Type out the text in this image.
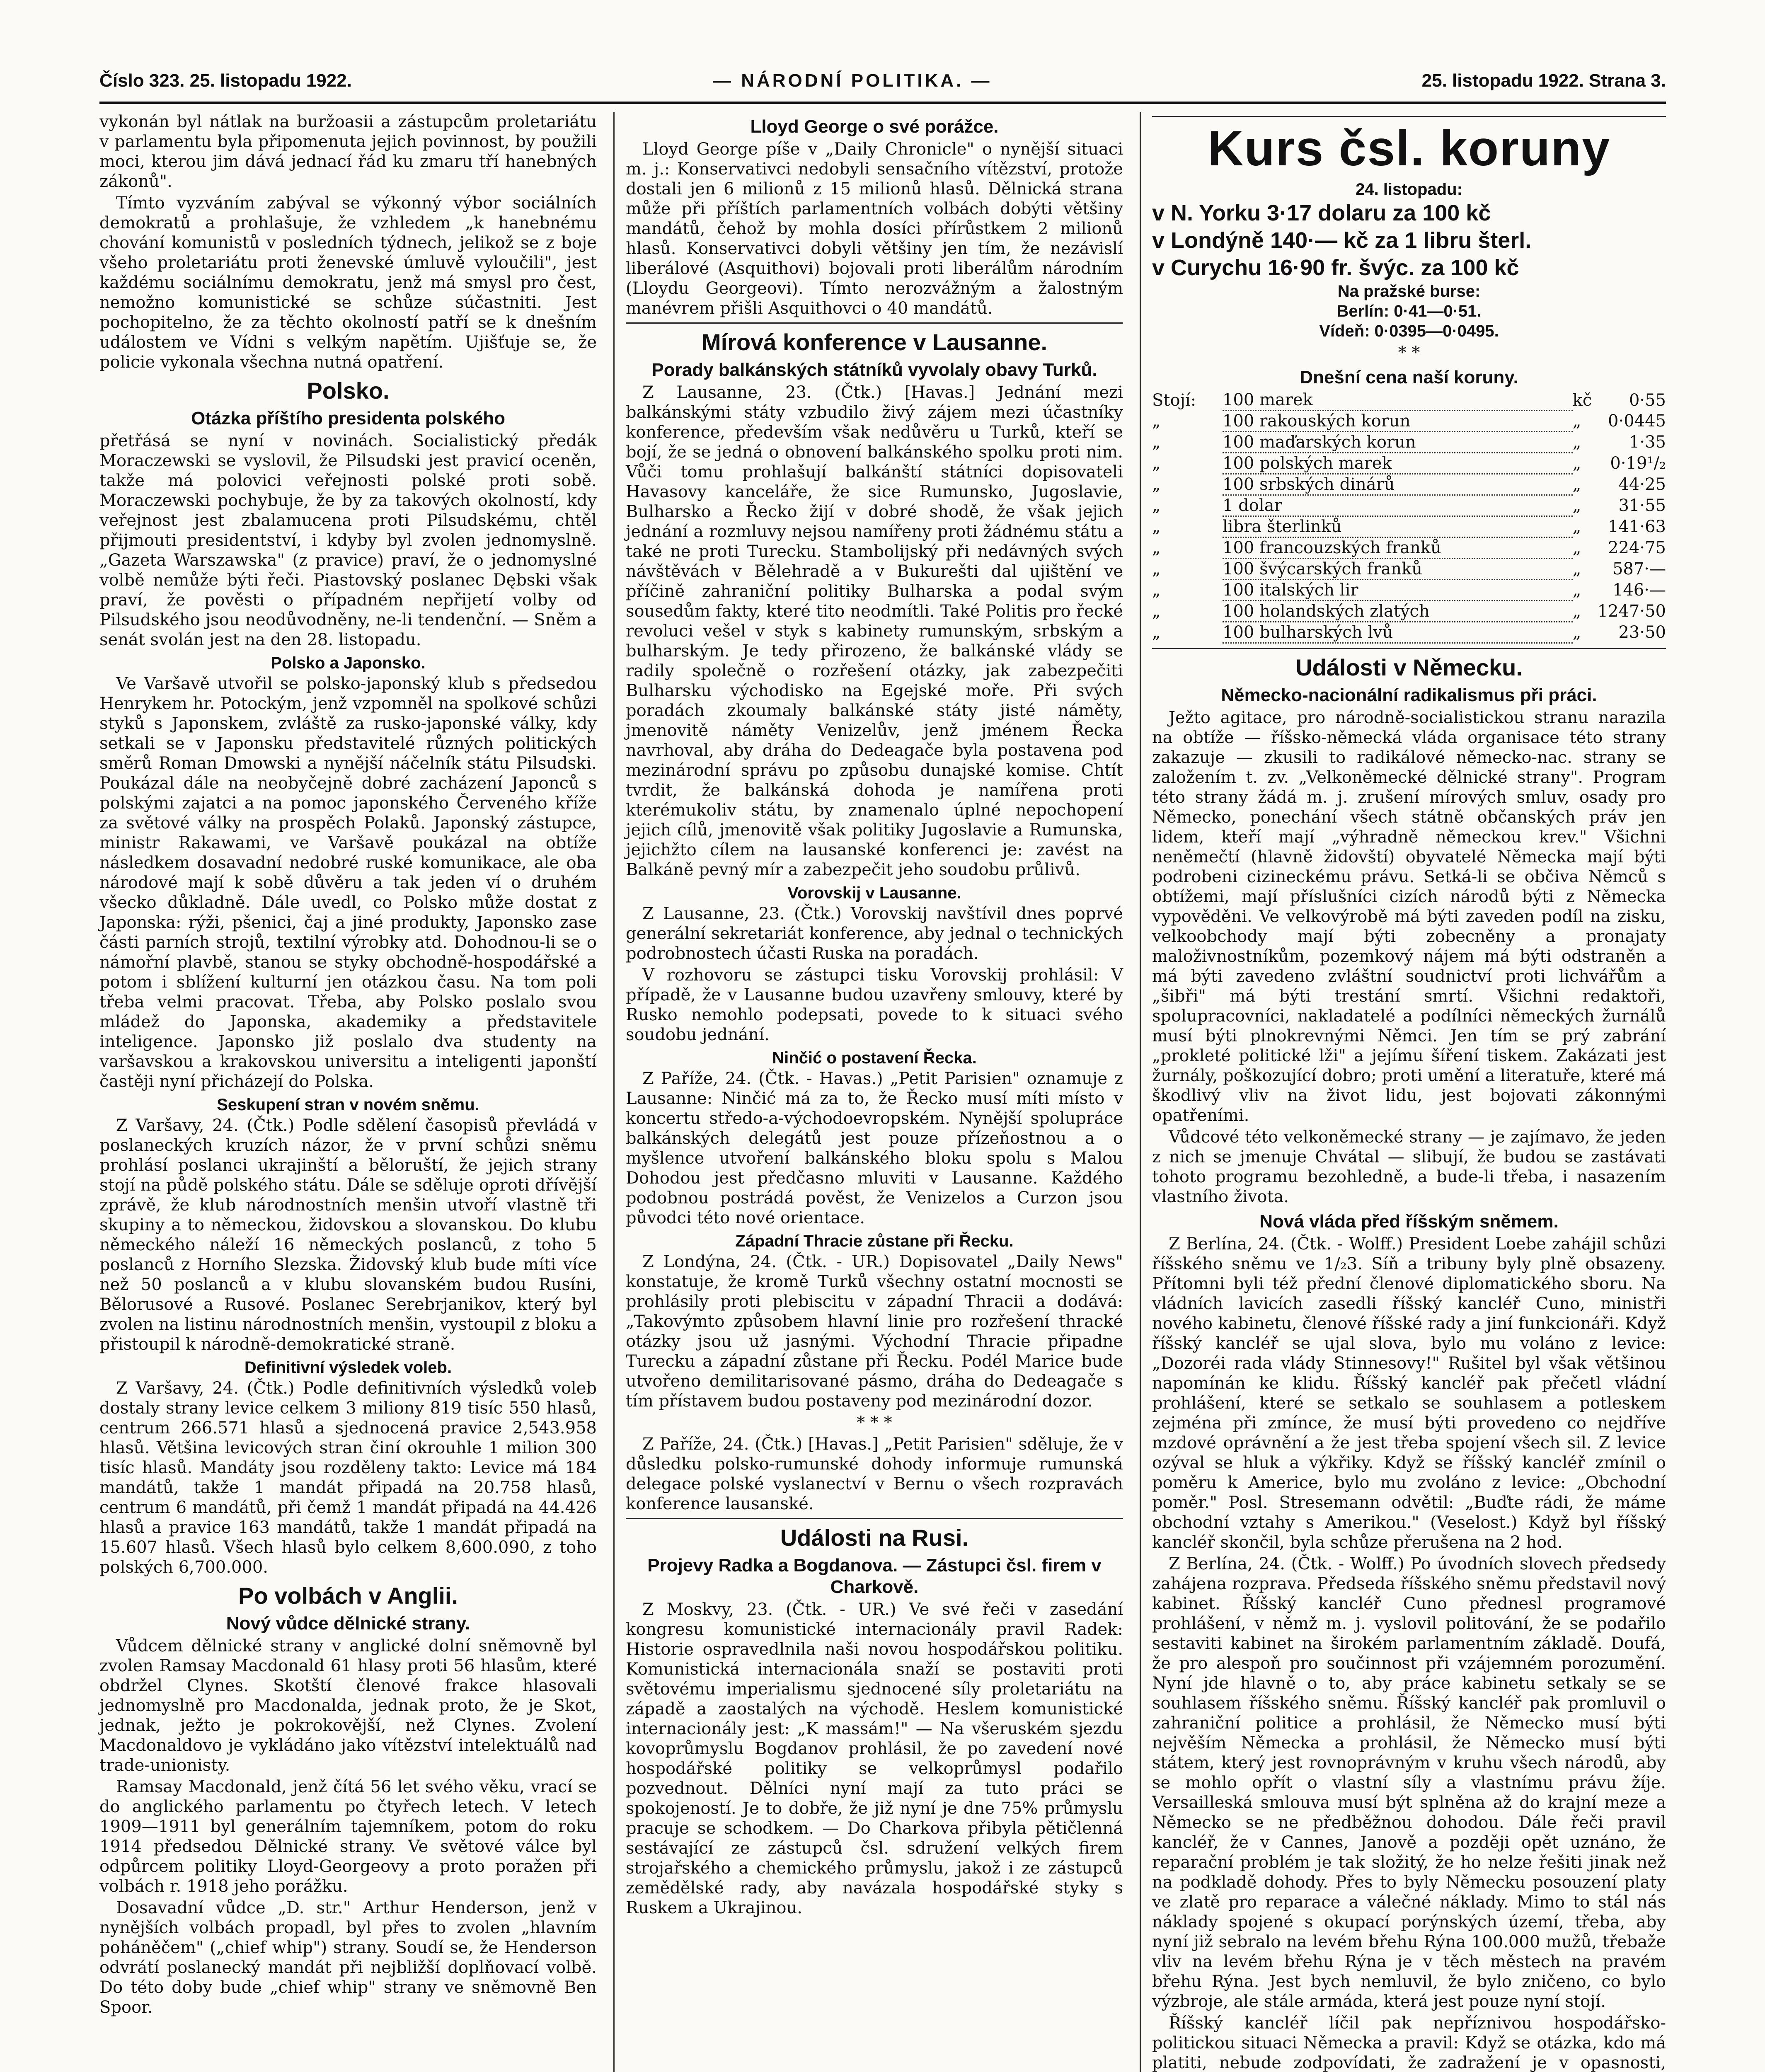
Číslo 323. 25. listopadu 1922.	— NÁRODNÍ POLITIKA. —	25. listopadu 1922. Strana 3.

vykonán byl nátlak na buržoasii a zástupcům proletariátu v parlamentu byla připomenuta jejich povinnost, by použili moci, kterou jim dává jednací řád ku zmaru tří hanebných zákonů".

Tímto vyzváním zabýval se výkonný výbor sociálních demokratů a prohlašuje, že vzhledem „k hanebnému chování komunistů v posledních týdnech, jelikož se z boje všeho proletariátu proti ženevské úmluvě vyloučili", jest každému sociálnímu demokratu, jenž má smysl pro čest, nemožno komunistické se schůze súčastniti. Jest pochopitelno, že za těchto okolností patří se k dnešním událostem ve Vídni s velkým napětím. Ujišťuje se, že policie vykonala všechna nutná opatření.

Polsko.
Otázka příštího presidenta polského

přetřásá se nyní v novinách. Socialistický předák Moraczewski se vyslovil, že Pilsudski jest pravicí oceněn, takže má polovici veřejnosti polské proti sobě. Moraczewski pochybuje, že by za takových okolností, kdy veřejnost jest zbalamucena proti Pilsudskému, chtěl přijmouti presidentství, i kdyby byl zvolen jednomyslně. „Gazeta Warszawska" (z pravice) praví, že o jednomyslné volbě nemůže býti řeči. Piastovský poslanec Dębski však praví, že pověsti o případném nepřijetí volby od Pilsudského jsou neodůvodněny, ne-li tendenční. — Sněm a senát svolán jest na den 28. listopadu.

Polsko a Japonsko.

Ve Varšavě utvořil se polsko-japonský klub s předsedou Henrykem hr. Potockým, jenž vzpomněl na spolkové schůzi styků s Japonskem, zvláště za rusko-japonské války, kdy setkali se v Japonsku představitelé různých politických směrů Roman Dmowski a nynější náčelník státu Pilsudski. Poukázal dále na neobyčejně dobré zacházení Japonců s polskými zajatci a na pomoc japonského Červeného kříže za světové války na prospěch Polaků. Japonský zástupce, ministr Rakawami, ve Varšavě poukázal na obtíže následkem dosavadní nedobré ruské komunikace, ale oba národové mají k sobě důvěru a tak jeden ví o druhém všecko důkladně. Dále uvedl, co Polsko může dostat z Japonska: rýži, pšenici, čaj a jiné produkty, Japonsko zase části parních strojů, textilní výrobky atd. Dohodnou-li se o námořní plavbě, stanou se styky obchodně-hospodářské a potom i sblížení kulturní jen otázkou času. Na tom poli třeba velmi pracovat. Třeba, aby Polsko poslalo svou mládež do Japonska, akademiky a představitele inteligence. Japonsko již poslalo dva studenty na varšavskou a krakovskou universitu a inteligenti japonští častěji nyní přicházejí do Polska.

Seskupení stran v novém sněmu.

Z Varšavy, 24. (Čtk.) Podle sdělení časopisů převládá v poslaneckých kruzích názor, že v první schůzi sněmu prohlásí poslanci ukrajinští a běloruští, že jejich strany stojí na půdě polského státu. Dále se sděluje oproti dřívější zprávě, že klub národnostních menšin utvoří vlastně tři skupiny a to německou, židovskou a slovanskou. Do klubu německého náleží 16 německých poslanců, z toho 5 poslanců z Horního Slezska. Židovský klub bude míti více než 50 poslanců a v klubu slovanském budou Rusíni, Bělorusové a Rusové. Poslanec Serebrjanikov, který byl zvolen na listinu národnostních menšin, vystoupil z bloku a přistoupil k národně-demokratické straně.

Definitivní výsledek voleb.

Z Varšavy, 24. (Čtk.) Podle definitivních výsledků voleb dostaly strany levice celkem 3 miliony 819 tisíc 550 hlasů, centrum 266.571 hlasů a sjednocená pravice 2,543.958 hlasů. Většina levicových stran činí okrouhle 1 milion 300 tisíc hlasů. Mandáty jsou rozděleny takto: Levice má 184 mandátů, takže 1 mandát připadá na 20.758 hlasů, centrum 6 mandátů, při čemž 1 mandát připadá na 44.426 hlasů a pravice 163 mandátů, takže 1 mandát připadá na 15.607 hlasů. Všech hlasů bylo celkem 8,600.090, z toho polských 6,700.000.

Po volbách v Anglii.
Nový vůdce dělnické strany.

Vůdcem dělnické strany v anglické dolní sněmovně byl zvolen Ramsay Macdonald 61 hlasy proti 56 hlasům, které obdržel Clynes. Skotští členové frakce hlasovali jednomyslně pro Macdonalda, jednak proto, že je Skot, jednak, ježto je pokrokovější, než Clynes. Zvolení Macdonaldovo je vykládáno jako vítězství intelektuálů nad trade-unionisty.

Ramsay Macdonald, jenž čítá 56 let svého věku, vrací se do anglického parlamentu po čtyřech letech. V letech 1909—1911 byl generálním tajemníkem, potom do roku 1914 předsedou Dělnické strany. Ve světové válce byl odpůrcem politiky Lloyd-Georgeovy a proto poražen při volbách r. 1918 jeho porážku.

Dosavadní vůdce „D. str." Arthur Henderson, jenž v nynějších volbách propadl, byl přes to zvolen „hlavním poháněčem" („chief whip") strany. Soudí se, že Henderson odvrátí poslanecký mandát při nejbližší doplňovací volbě. Do této doby bude „chief whip" strany ve sněmovně Ben Spoor.

Lloyd George o své porážce.

Lloyd George píše v „Daily Chronicle" o nynější situaci m. j.: Konservativci nedobyli sensačního vítězství, protože dostali jen 6 milionů z 15 milionů hlasů. Dělnická strana může při příštích parlamentních volbách dobýti většiny mandátů, čehož by mohla dosíci přírůstkem 2 milionů hlasů. Konservativci dobyli většiny jen tím, že nezávislí liberálové (Asquithovi) bojovali proti liberálům národním (Lloydu Georgeovi). Tímto nerozvážným a žalostným manévrem přišli Asquithovci o 40 mandátů.

Mírová konference v Lausanne.
Porady balkánských státníků vyvolaly obavy Turků.

Z Lausanne, 23. (Čtk.) [Havas.] Jednání mezi balkánskými státy vzbudilo živý zájem mezi účastníky konference, především však nedůvěru u Turků, kteří se bojí, že se jedná o obnovení balkánského spolku proti nim. Vůči tomu prohlašují balkánští státníci dopisovateli Havasovy kanceláře, že sice Rumunsko, Jugoslavie, Bulharsko a Řecko žijí v dobré shodě, že však jejich jednání a rozmluvy nejsou namířeny proti žádnému státu a také ne proti Turecku. Stambolijský při nedávných svých návštěvách v Bělehradě a v Bukurešti dal ujištění ve příčině zahraniční politiky Bulharska a podal svým sousedům fakty, které tito neodmítli. Také Politis pro řecké revoluci vešel v styk s kabinety rumunským, srbským a bulharským. Je tedy přirozeno, že balkánské vlády se radily společně o rozřešení otázky, jak zabezpečiti Bulharsku východisko na Egejské moře. Při svých poradách zkoumaly balkánské státy jisté náměty, jmenovitě náměty Venizelův, jenž jménem Řecka navrhoval, aby dráha do Dedeagače byla postavena pod mezinárodní správu po způsobu dunajské komise. Chtít tvrdit, že balkánská dohoda je namířena proti kterémukoliv státu, by znamenalo úplné nepochopení jejich cílů, jmenovitě však politiky Jugoslavie a Rumunska, jejichžto cílem na lausanské konferenci je: zavést na Balkáně pevný mír a zabezpečit jeho soudobu průlivů.

Vorovskij v Lausanne.

Z Lausanne, 23. (Čtk.) Vorovskij navštívil dnes poprvé generální sekretariát konference, aby jednal o technických podrobnostech účasti Ruska na poradách.

V rozhovoru se zástupci tisku Vorovskij prohlásil: V případě, že v Lausanne budou uzavřeny smlouvy, které by Rusko nemohlo podepsati, povede to k situaci svého soudobu jednání.

Ninčić o postavení Řecka.

Z Paříže, 24. (Čtk. - Havas.) „Petit Parisien" oznamuje z Lausanne: Ninčić má za to, že Řecko musí míti místo v koncertu středo-a-východoevropském. Nynější spolupráce balkánských delegátů jest pouze přízeňostnou a o myšlence utvoření balkánského bloku spolu s Malou Dohodou jest předčasno mluviti v Lausanne. Každého podobnou postrádá pověst, že Venizelos a Curzon jsou původci této nové orientace.

Západní Thracie zůstane při Řecku.

Z Londýna, 24. (Čtk. - UR.) Dopisovatel „Daily News" konstatuje, že kromě Turků všechny ostatní mocnosti se prohlásily proti plebiscitu v západní Thracii a dodává: „Takovýmto způsobem hlavní linie pro rozřešení thracké otázky jsou už jasnými. Východní Thracie připadne Turecku a západní zůstane při Řecku. Podél Marice bude utvořeno demilitarisované pásmo, dráha do Dedeagače s tím přístavem budou postaveny pod mezinárodní dozor.

* * *

Z Paříže, 24. (Čtk.) [Havas.] „Petit Parisien" sděluje, že v důsledku polsko-rumunské dohody informuje rumunská delegace polské vyslanectví v Bernu o všech rozpravách konference lausanské.

Události na Rusi.
Projevy Radka a Bogdanova. — Zástupci čsl. firem v Charkově.

Z Moskvy, 23. (Čtk. - UR.) Ve své řeči v zasedání kongresu komunistické internacionály pravil Radek: Historie ospravedlnila naši novou hospodářskou politiku. Komunistická internacionála snaží se postaviti proti světovému imperialismu sjednocené síly proletariátu na západě a zaostalých na východě. Heslem komunistické internacionály jest: „K massám!" — Na všeruském sjezdu kovoprůmyslu Bogdanov prohlásil, že po zavedení nové hospodářské politiky se velkoprůmysl podařilo pozvednout. Dělníci nyní mají za tuto práci se spokojeností. Je to dobře, že již nyní je dne 75% průmyslu pracuje se schodkem. — Do Charkova přibyla pětičlenná sestávající ze zástupců čsl. sdružení velkých firem strojařského a chemického průmyslu, jakož i ze zástupců zemědělské rady, aby navázala hospodářské styky s Ruskem a Ukrajinou.

Kurs čsl. koruny
24. listopadu:
v N. Yorku 3·17 dolaru za 100 kč
v Londýně 140·— kč za 1 libru šterl.
v Curychu 16·90 fr. švýc. za 100 kč
Na pražské burse:
Berlín: 0·41—0·51.
Vídeň: 0·0395—0·0495.
* *
Dnešní cena naší koruny.
Stojí:	100 marek	kč	0·55
„	100 rakouských korun	„	0·0445
„	100 maďarských korun	„	1·35
„	100 polských marek	„	0·19¹/₂
„	100 srbských dinárů	„	44·25
„	1 dolar	„	31·55
„	libra šterlinků	„	141·63
„	100 francouzských franků	„	224·75
„	100 švýcarských franků	„	587·—
„	100 italských lir	„	146·—
„	100 holandských zlatých	„	1247·50
„	100 bulharských lvů	„	23·50
Události v Německu.
Německo-nacionální radikalismus při práci.

Ježto agitace, pro národně-socialistickou stranu narazila na obtíže — říšsko-německá vláda organisace této strany zakazuje — zkusili to radikálové německo-nac. strany se založením t. zv. „Velkoněmecké dělnické strany". Program této strany žádá m. j. zrušení mírových smluv, osady pro Německo, ponechání všech státně občanských práv jen lidem, kteří mají „výhradně německou krev." Všichni neněmečtí (hlavně židovští) obyvatelé Německa mají býti podrobeni cizineckému právu. Setká-li se občiva Němců s obtížemi, mají příslušníci cizích národů býti z Německa vypověděni. Ve velkovýrobě má býti zaveden podíl na zisku, velkoobchody mají býti zobecněny a pronajaty maloživnostníkům, pozemkový nájem má býti odstraněn a má býti zavedeno zvláštní soudnictví proti lichvářům a „šibři" má býti trestání smrtí. Všichni redaktoři, spolupracovníci, nakladatelé a podílníci německých žurnálů musí býti plnokrevnými Němci. Jen tím se prý zabrání „prokleté politické lži" a jejímu šíření tiskem. Zakázati jest žurnály, poškozující dobro; proti umění a literatuře, které má škodlivý vliv na život lidu, jest bojovati zákonnými opatřeními.

Vůdcové této velkoněmecké strany — je zajímavo, že jeden z nich se jmenuje Chvátal — slibují, že budou se zastávati tohoto programu bezohledně, a bude-li třeba, i nasazením vlastního života.

Nová vláda před říšským sněmem.

Z Berlína, 24. (Čtk. - Wolff.) President Loebe zahájil schůzi říšského sněmu ve 1/₂3. Síň a tribuny byly plně obsazeny. Přítomni byli též přední členové diplomatického sboru. Na vládních lavicích zasedli říšský kancléř Cuno, ministři nového kabinetu, členové říšské rady a jiní funkcionáři. Když říšský kancléř se ujal slova, bylo mu voláno z levice: „Dozoréi rada vlády Stinnesovy!" Rušitel byl však většinou napomínán ke klidu. Říšský kancléř pak přečetl vládní prohlášení, které se setkalo se souhlasem a potleskem zejména při zmínce, že musí býti provedeno co nejdříve mzdové oprávnění a že jest třeba spojení všech sil. Z levice ozýval se hluk a výkřiky. Když se říšský kancléř zmínil o poměru k Americe, bylo mu zvoláno z levice: „Obchodní poměr." Posl. Stresemann odvětil: „Buďte rádi, že máme obchodní vztahy s Amerikou." (Veselost.) Když byl říšský kancléř skončil, byla schůze přerušena na 2 hod.

Z Berlína, 24. (Čtk. - Wolff.) Po úvodních slovech předsedy zahájena rozprava. Předseda říšského sněmu představil nový kabinet. Říšský kancléř Cuno přednesl programové prohlášení, v němž m. j. vyslovil politování, že se podařilo sestaviti kabinet na širokém parlamentním základě. Doufá, že pro alespoň pro součinnost při vzájemném porozumění. Nyní jde hlavně o to, aby práce kabinetu setkaly se se souhlasem říšského sněmu. Říšský kancléř pak promluvil o zahraniční politice a prohlásil, že Německo musí býti nejvěším Německa a prohlásil, že Německo musí býti státem, který jest rovnoprávným v kruhu všech národů, aby se mohlo opřít o vlastní síly a vlastnímu právu žíje. Versailleská smlouva musí být splněna až do krajní meze a Německo se ne předběžnou dohodou. Dále řeči pravil kancléř, že v Cannes, Janově a později opět uznáno, že reparační problém je tak složitý, že ho nelze řešiti jinak než na podkladě dohody. Přes to byly Německu posouzení platy ve zlatě pro reparace a válečné náklady. Mimo to stál nás náklady spojené s okupací porýnských území, třeba, aby nyní již sebralo na levém břehu Rýna 100.000 mužů, třebaže vliv na levém břehu Rýna je v těch městech na pravém břehu Rýna. Jest bych nemluvil, že bylo zničeno, co bylo výzbroje, ale stále armáda, která jest pouze nyní stojí.

Říšský kancléř líčil pak nepříznivou hospodářsko-politickou situaci Německa a pravil: Když se otázka, kdo má platiti, nebude zodpovídati, že zadražení je v opasnosti,
